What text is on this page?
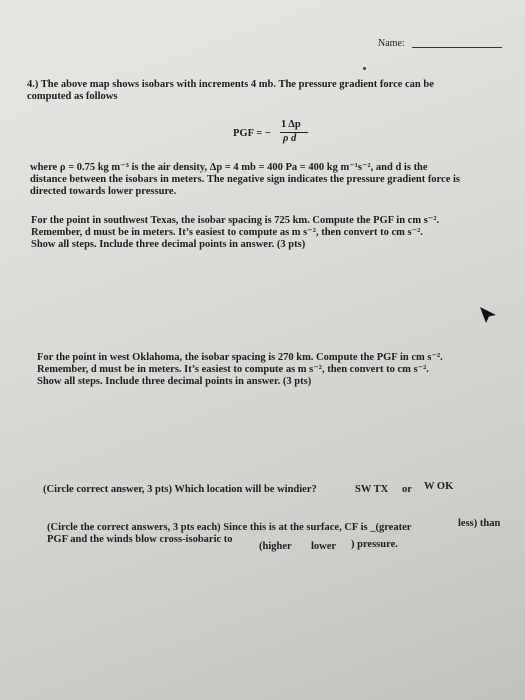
Name:
4.) The above map shows isobars with increments 4 mb. The pressure gradient force can be
computed as follows
PGF = −
1 Δp
ρ d
where ρ = 0.75 kg m⁻³ is the air density, Δp = 4 mb = 400 Pa = 400 kg m⁻¹s⁻², and d is the
distance between the isobars in meters. The negative sign indicates the pressure gradient force is
directed towards lower pressure.
For the point in southwest Texas, the isobar spacing is 725 km. Compute the PGF in cm s⁻².
Remember, d must be in meters. It’s easiest to compute as m s⁻², then convert to cm s⁻².
Show all steps. Include three decimal points in answer. (3 pts)
For the point in west Oklahoma, the isobar spacing is 270 km. Compute the PGF in cm s⁻².
Remember, d must be in meters. It’s easiest to compute as m s⁻², then convert to cm s⁻².
Show all steps. Include three decimal points in answer. (3 pts)
(Circle correct answer, 3 pts) Which location will be windier?	SW TX or W OK
(Circle the correct answers, 3 pts each) Since this is at the surface, CF is _(greater	less) than
PGF and the winds blow cross-isobaric to
(higher lower ) pressure.
